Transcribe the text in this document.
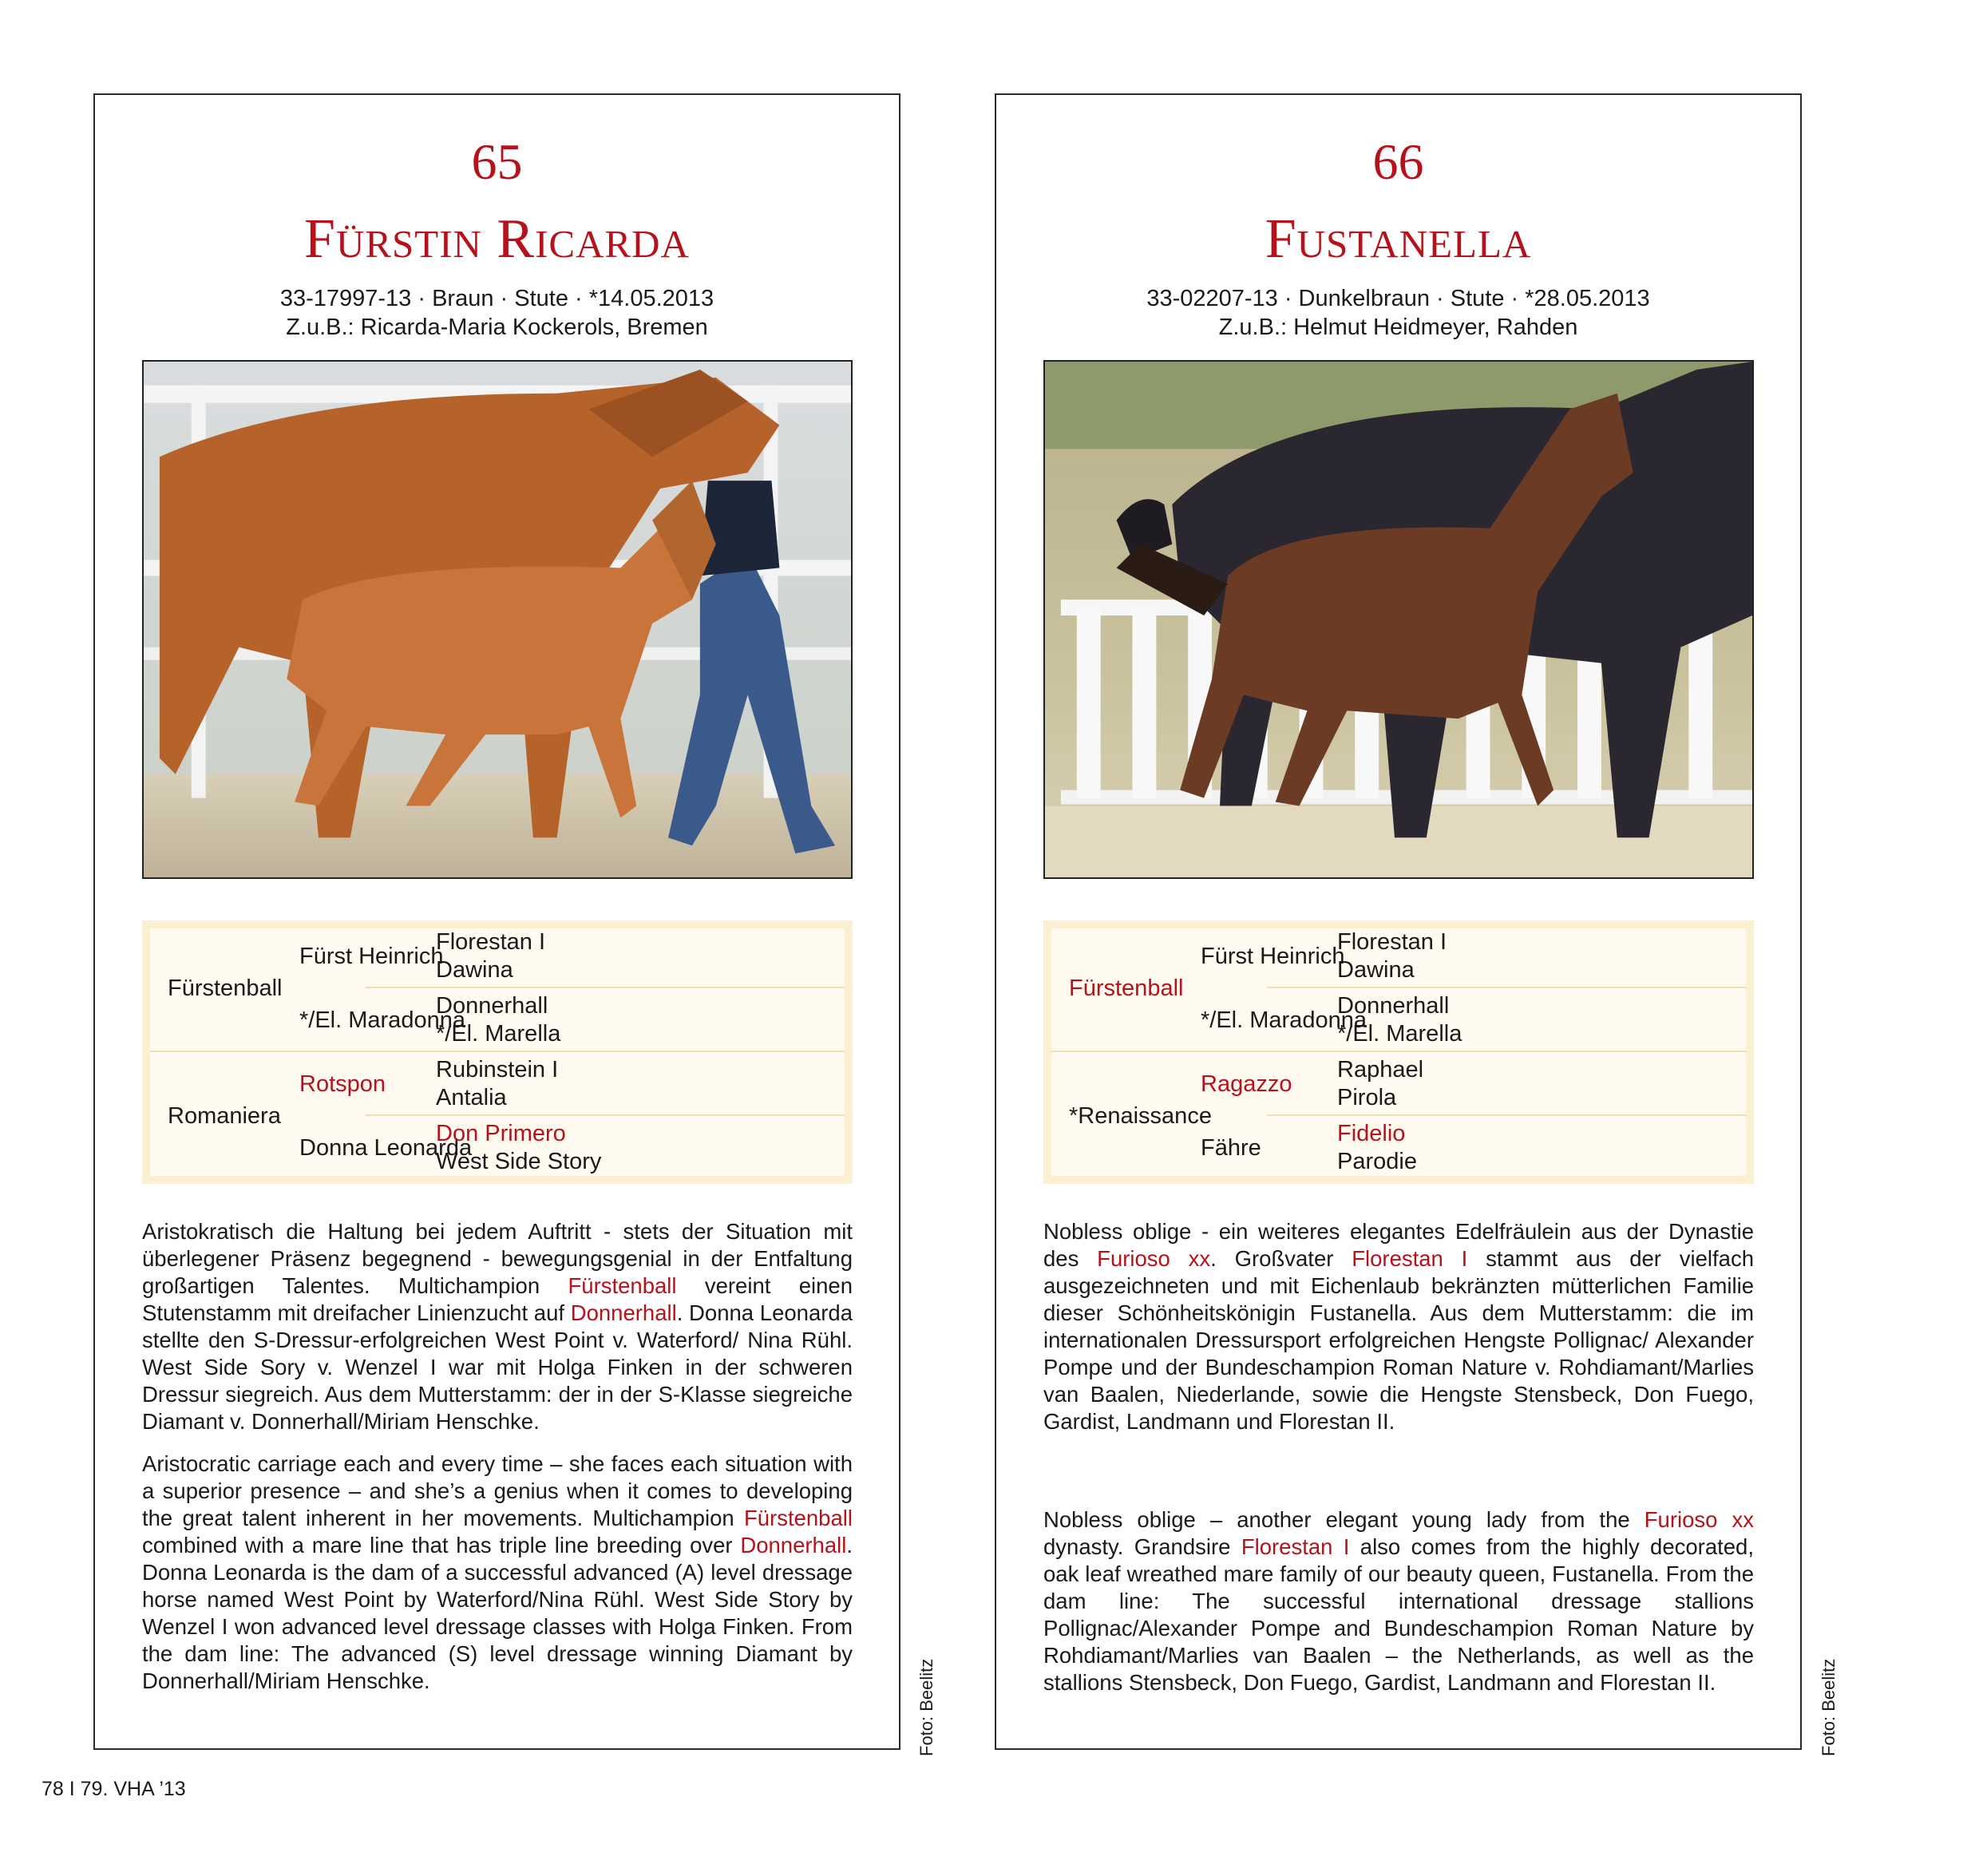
65
Fürstin Ricarda
33-17997-13 · Braun · Stute · *14.05.2013
Z.u.B.: Ricarda-Maria Kockerols, Bremen
Fürstenball
Romaniera
Fürst Heinrich
*/El. Maradonna
Rotspon
Donna Leonarda
Florestan I
Dawina
Donnerhall
*/El. Marella
Rubinstein I
Antalia
Don Primero
West Side Story
Aristokratisch die Haltung bei jedem Auftritt - stets der Situation mit überlegener Präsenz begegnend - bewegungsgenial in der Entfaltung großartigen Talentes. Multichampion Fürstenball vereint einen Stutenstamm mit dreifacher Linienzucht auf Donnerhall. Donna Leonarda stellte den S-Dressur-erfolgreichen West Point v. Waterford/ Nina Rühl. West Side Sory v. Wenzel I war mit Holga Finken in der schweren Dressur siegreich. Aus dem Mutterstamm: der in der S-Klasse siegreiche Diamant v. Donnerhall/Miriam Henschke.
Aristocratic carriage each and every time – she faces each situation with a superior presence – and she’s a genius when it comes to developing the great talent inherent in her movements. Multichampion Fürstenball combined with a mare line that has triple line breeding over Donnerhall. Donna Leonarda is the dam of a successful advanced (A) level dressage horse named West Point by Waterford/Nina Rühl. West Side Story by Wenzel I won advanced level dressage classes with Holga Finken. From the dam line: The advanced (S) level dressage winning Diamant by Donnerhall/Miriam Henschke.	Foto: Beelitz
66
Fustanella
33-02207-13 · Dunkelbraun · Stute · *28.05.2013
Z.u.B.: Helmut Heidmeyer, Rahden
Fürstenball
*Renaissance
Fürst Heinrich
*/El. Maradonna
Ragazzo
Fähre
Florestan I
Dawina
Donnerhall
*/El. Marella
Raphael
Pirola
Fidelio
Parodie
Nobless oblige - ein weiteres elegantes Edelfräulein aus der Dynastie des Furioso xx. Großvater Florestan I stammt aus der vielfach ausgezeichneten und mit Eichenlaub bekränzten mütterlichen Familie dieser Schönheitskönigin Fustanella. Aus dem Mutterstamm: die im internationalen Dressursport erfolgreichen Hengste Pollignac/ Alexander Pompe und der Bundeschampion Roman Nature v. Rohdiamant/Marlies van Baalen, Niederlande, sowie die Hengste Stensbeck, Don Fuego, Gardist, Landmann und Florestan II.
Nobless oblige – another elegant young lady from the Furioso xx dynasty. Grandsire Florestan I also comes from the highly decorated, oak leaf wreathed mare family of our beauty queen, Fustanella. From the dam line: The successful international dressage stallions Pollignac/Alexander Pompe and Bundeschampion Roman Nature by Rohdiamant/Marlies van Baalen – the Netherlands, as well as the stallions Stensbeck, Don Fuego, Gardist, Landmann and Florestan II.	Foto: Beelitz
78 I 79. VHA ’13
